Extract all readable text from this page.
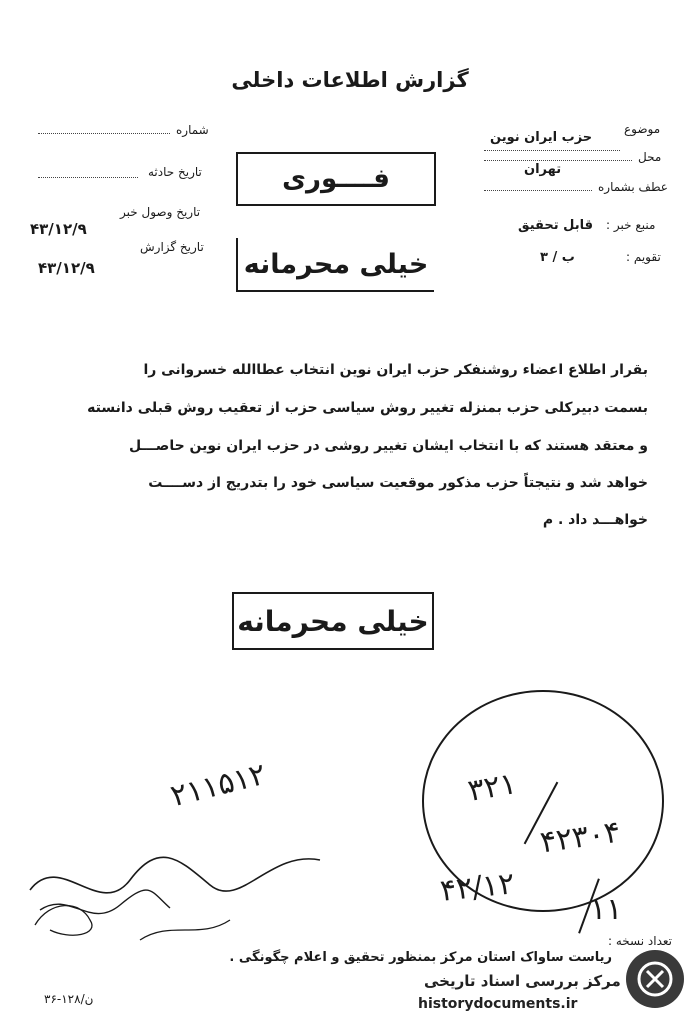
گزارش اطلاعات داخلی
شماره
تاریخ حادثه
تاریخ وصول خبر
۴۳/۱۲/۹
تاریخ گزارش
۴۳/۱۲/۹
فــــوری
خیلی محرمانه
موضوع
حزب ایران نوین
محل
تهران
عطف بشماره
منبع خبر :
قابل تحقیق
تقویم :
ب / ۳
بقرار اطلاع اعضاء روشنفکر حزب ایران نوین انتخاب عطاالله خسروانی را
بسمت دبیرکلی حزب بمنزله تغییر روش سیاسی حزب از تعقیب روش قبلی دانسته
و معتقد هستند که با انتخاب ایشان تغییر روشی در حزب ایران نوین حاصـــل
خواهد شد و نتیجتاً حزب مذکور موقعیت سیاسی خود را بتدریج از دســــت
خواهـــد داد . م
خیلی محرمانه
۲۱۱۵۱۲	۳۲۱
۴۲۳۰۴
۴۲/۱۲
۱۱
تعداد نسخه :
ریاست ساواک استان مرکز بمنظور تحقیق و اعلام چگونگی .
ن/۱۲۸-۳۶
مرکز بررسی اسناد تاریخی
historydocuments.ir
